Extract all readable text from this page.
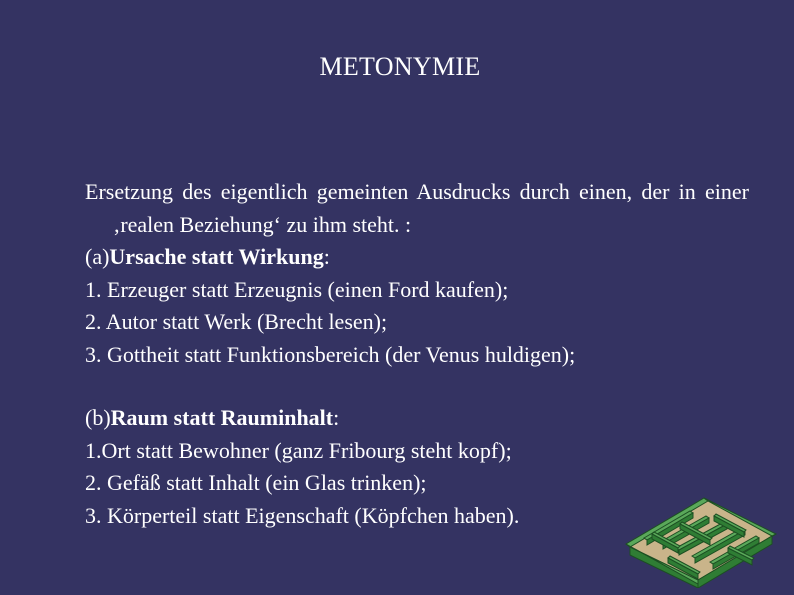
METONYMIE
Ersetzung des eigentlich gemeinten Ausdrucks durch einen, der in einer ‚realen Beziehung‘ zu ihm steht. :
(a)Ursache statt Wirkung:
1. Erzeuger statt Erzeugnis (einen Ford kaufen);
2. Autor statt Werk (Brecht lesen);
3. Gottheit statt Funktionsbereich (der Venus huldigen);
(b)Raum statt Rauminhalt:
1.Ort statt Bewohner (ganz Fribourg steht kopf);
2. Gefäß statt Inhalt (ein Glas trinken);
3. Körperteil statt Eigenschaft (Köpfchen haben).
